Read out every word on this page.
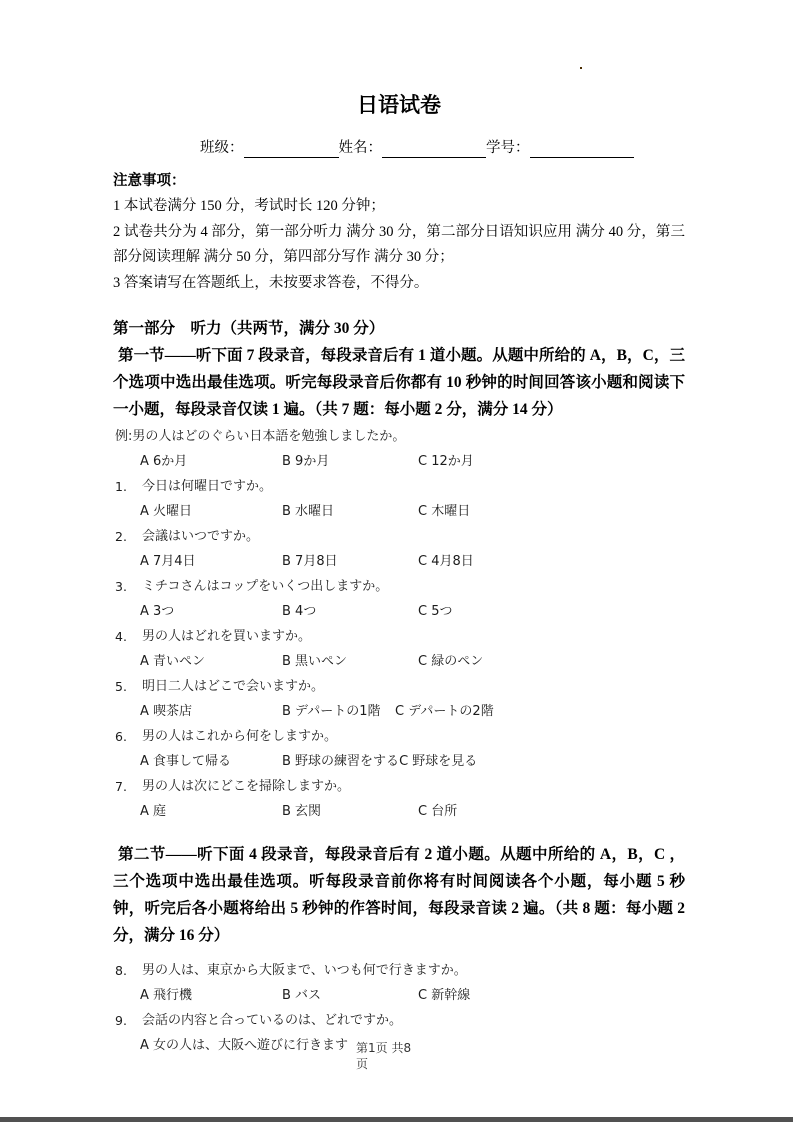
日语试卷
班级：	姓名：	学号：
注意事项：
1 本试卷满分 150 分，考试时长 120 分钟；
2 试卷共分为 4 部分，第一部分听力 满分 30 分，第二部分日语知识应用 满分 40 分，第三部分阅读理解 满分 50 分，第四部分写作 满分 30 分；
3 答案请写在答题纸上，未按要求答卷，不得分。
第一部分　听力（共两节，满分 30 分）
第一节——听下面 7 段录音，每段录音后有 1 道小题。从题中所给的 A，B，C，三个选项中选出最佳选项。听完每段录音后你都有 10 秒钟的时间回答该小题和阅读下一小题，每段录音仅读 1 遍。（共 7 题：每小题 2 分，满分 14 分）
例:男の人はどのぐらい日本語を勉強しましたか。
A 6か月	B 9か月	C 12か月
1.	今日は何曜日ですか。
A 火曜日	B 水曜日	C 木曜日
2.	会議はいつですか。
A 7月4日	B 7月8日	C 4月8日
3.	ミチコさんはコップをいくつ出しますか。
A 3つ	B 4つ	C 5つ
4.	男の人はどれを買いますか。
A 青いペン	B 黒いペン	C 緑のペン
5.	明日二人はどこで会いますか。
A 喫茶店	B デパートの1階 C デパートの2階
6.	男の人はこれから何をしますか。
A 食事して帰る	B 野球の練習をするC 野球を見る
7.	男の人は次にどこを掃除しますか。
A 庭	B 玄関	C 台所
第二节——听下面 4 段录音，每段录音后有 2 道小题。从题中所给的 A，B，C ，三个选项中选出最佳选项。听每段录音前你将有时间阅读各个小题，每小题 5 秒钟，听完后各小题将给出 5 秒钟的作答时间，每段录音读 2 遍。（共 8 题：每小题 2 分，满分 16 分）
8.	男の人は、東京から大阪まで、いつも何で行きますか。
A 飛行機	B バス	C 新幹線
9.	会話の内容と合っているのは、どれですか。
A 女の人は、大阪へ遊びに行きます 第1页 共8页
